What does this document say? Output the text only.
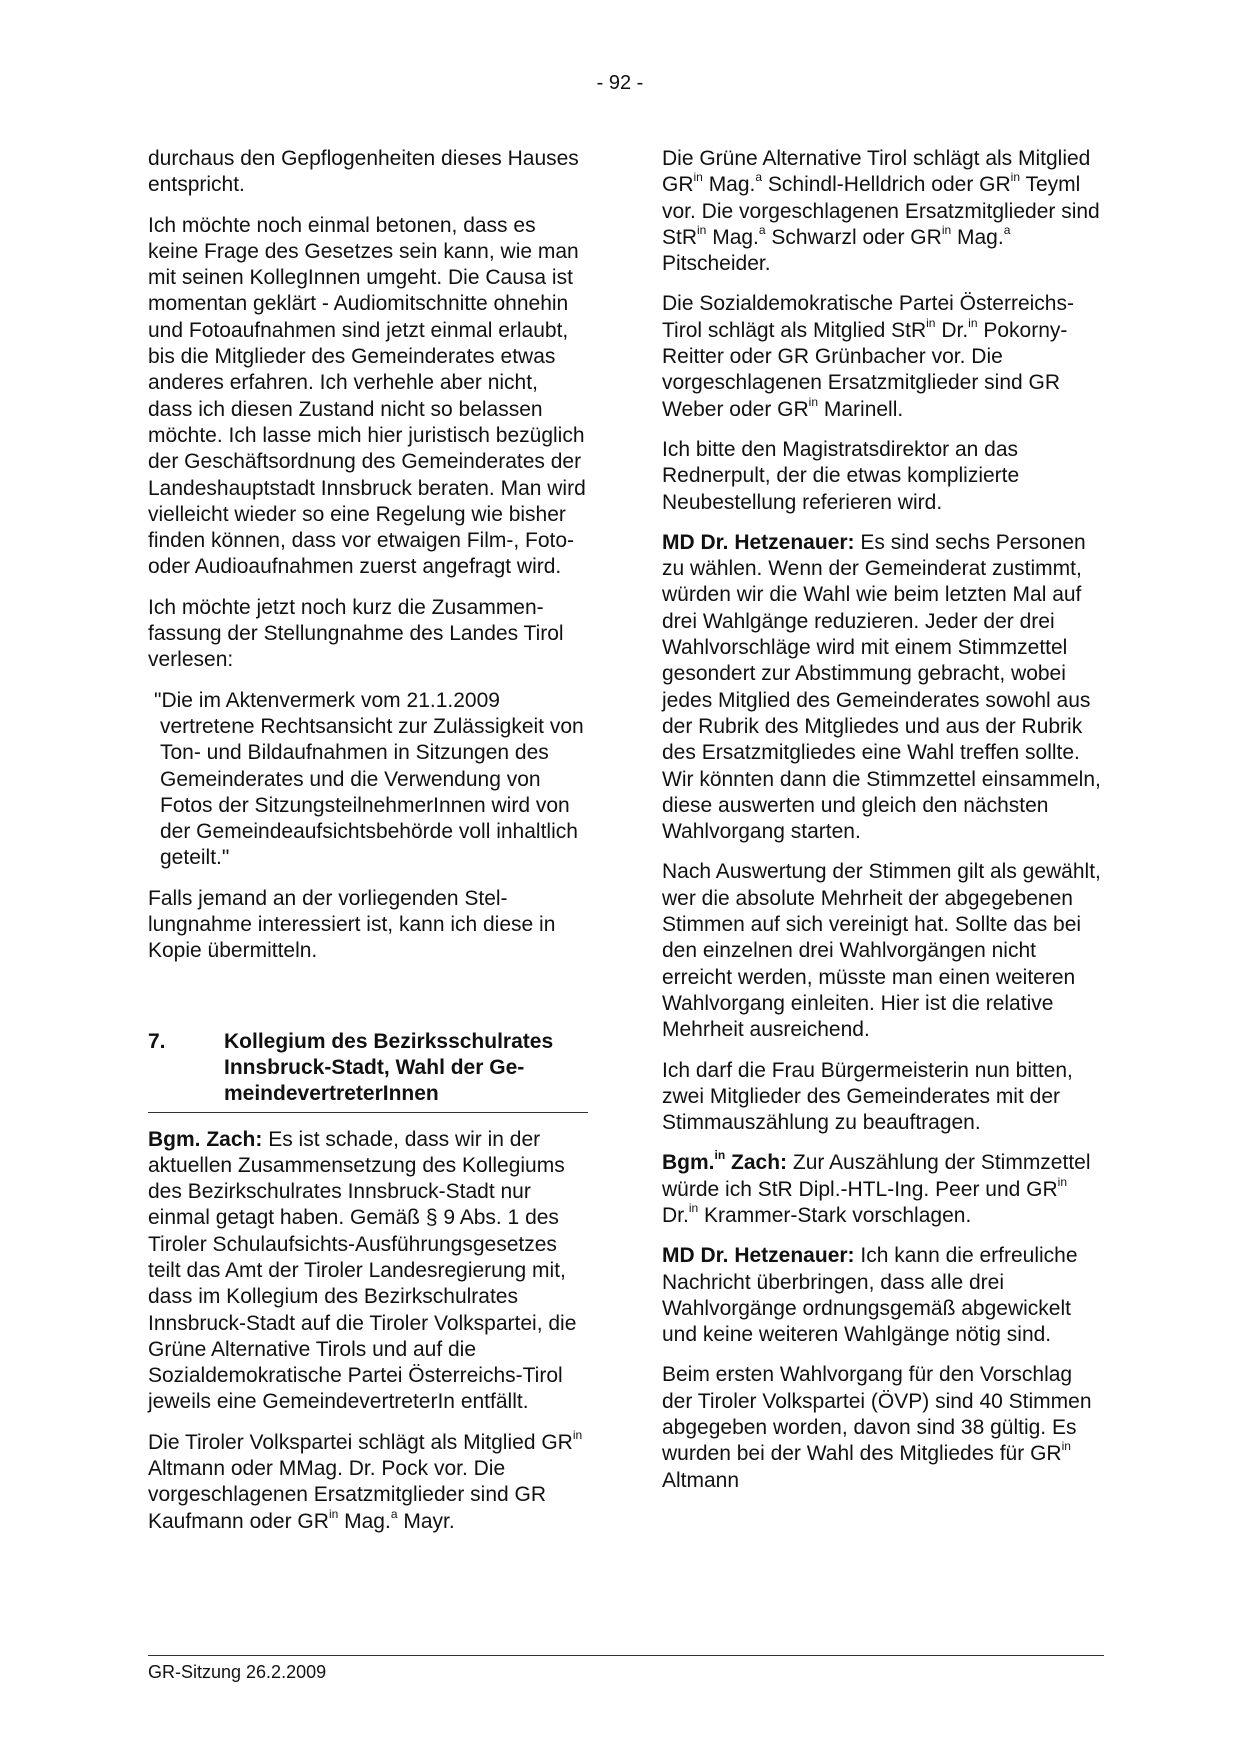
- 92 -

durchaus den Gepflogenheiten dieses Hauses entspricht.

Ich möchte noch einmal betonen, dass es keine Frage des Gesetzes sein kann, wie man mit seinen KollegInnen umgeht. Die Causa ist momentan geklärt - Audiomitschnitte ohnehin und Fotoaufnahmen sind jetzt einmal erlaubt, bis die Mitglieder des Gemeinderates etwas anderes erfahren. Ich verhehle aber nicht, dass ich diesen Zustand nicht so belassen möchte. Ich lasse mich hier juristisch bezüglich der Geschäftsordnung des Gemeinderates der Landeshauptstadt Innsbruck beraten. Man wird vielleicht wieder so eine Regelung wie bisher finden können, dass vor etwaigen Film-, Foto- oder Audioaufnahmen zuerst angefragt wird.

Ich möchte jetzt noch kurz die Zusammenfassung der Stellungnahme des Landes Tirol verlesen:

"Die im Aktenvermerk vom 21.1.2009
vertretene Rechtsansicht zur Zulässigkeit von Ton- und Bildaufnahmen in Sitzungen des Gemeinderates und die Verwendung von Fotos der SitzungsteilnehmerInnen wird von der Gemeindeaufsichtsbehörde voll inhaltlich geteilt."

Falls jemand an der vorliegenden Stellungnahme interessiert ist, kann ich diese in Kopie übermitteln.

7.	Kollegium des Bezirksschulrates Innsbruck-Stadt, Wahl der GemeindevertreterInnen

Bgm. Zach: Es ist schade, dass wir in der aktuellen Zusammensetzung des Kollegiums des Bezirkschulrates Innsbruck-Stadt nur einmal getagt haben. Gemäß § 9 Abs. 1 des Tiroler Schulaufsichts-Ausführungsgesetzes teilt das Amt der Tiroler Landesregierung mit, dass im Kollegium des Bezirkschulrates Innsbruck-Stadt auf die Tiroler Volkspartei, die Grüne Alternative Tirols und auf die Sozialdemokratische Partei Österreichs-Tirol jeweils eine GemeindevertreterIn entfällt.

Die Tiroler Volkspartei schlägt als Mitglied $GR^{in}$ Altmann oder MMag. Dr. Pock vor. Die vorgeschlagenen Ersatzmitglieder sind GR Kaufmann oder $GR^{in}$ Mag.$^a$ Mayr.

Die Grüne Alternative Tirol schlägt als Mitglied $GR^{in}$ Mag.$^a$ Schindl-Helldrich oder $GR^{in}$ Teyml vor. Die vorgeschlagenen Ersatzmitglieder sind StR$^{in}$ Mag.$^a$ Schwarzl oder $GR^{in}$ Mag.$^a$ Pitscheider.

Die Sozialdemokratische Partei Österreichs-Tirol schlägt als Mitglied StR$^{in}$ Dr.$^{in}$ Pokorny-Reitter oder GR Grünbacher vor. Die vorgeschlagenen Ersatzmitglieder sind GR Weber oder $GR^{in}$ Marinell.

Ich bitte den Magistratsdirektor an das Rednerpult, der die etwas komplizierte Neubestellung referieren wird.

MD Dr. Hetzenauer: Es sind sechs Personen zu wählen. Wenn der Gemeinderat zustimmt, würden wir die Wahl wie beim letzten Mal auf drei Wahlgänge reduzieren. Jeder der drei Wahlvorschläge wird mit einem Stimmzettel gesondert zur Abstimmung gebracht, wobei jedes Mitglied des Gemeinderates sowohl aus der Rubrik des Mitgliedes und aus der Rubrik des Ersatzmitgliedes eine Wahl treffen sollte. Wir könnten dann die Stimmzettel einsammeln, diese auswerten und gleich den nächsten Wahlvorgang starten.

Nach Auswertung der Stimmen gilt als gewählt, wer die absolute Mehrheit der abgegebenen Stimmen auf sich vereinigt hat. Sollte das bei den einzelnen drei Wahlvorgängen nicht erreicht werden, müsste man einen weiteren Wahlvorgang einleiten. Hier ist die relative Mehrheit ausreichend.

Ich darf die Frau Bürgermeisterin nun bitten, zwei Mitglieder des Gemeinderates mit der Stimmauszählung zu beauftragen.

Bgm.$^{in}$ Zach: Zur Auszählung der Stimmzettel würde ich StR Dipl.-HTL-Ing. Peer und $GR^{in}$ Dr.$^{in}$ Krammer-Stark vorschlagen.

MD Dr. Hetzenauer: Ich kann die erfreuliche Nachricht überbringen, dass alle drei Wahlvorgänge ordnungsgemäß abgewickelt und keine weiteren Wahlgänge nötig sind.

Beim ersten Wahlvorgang für den Vorschlag der Tiroler Volkspartei (ÖVP) sind 40 Stimmen abgegeben worden, davon sind 38 gültig. Es wurden bei der Wahl des Mitgliedes für $GR^{in}$ Altmann

GR-Sitzung 26.2.2009
